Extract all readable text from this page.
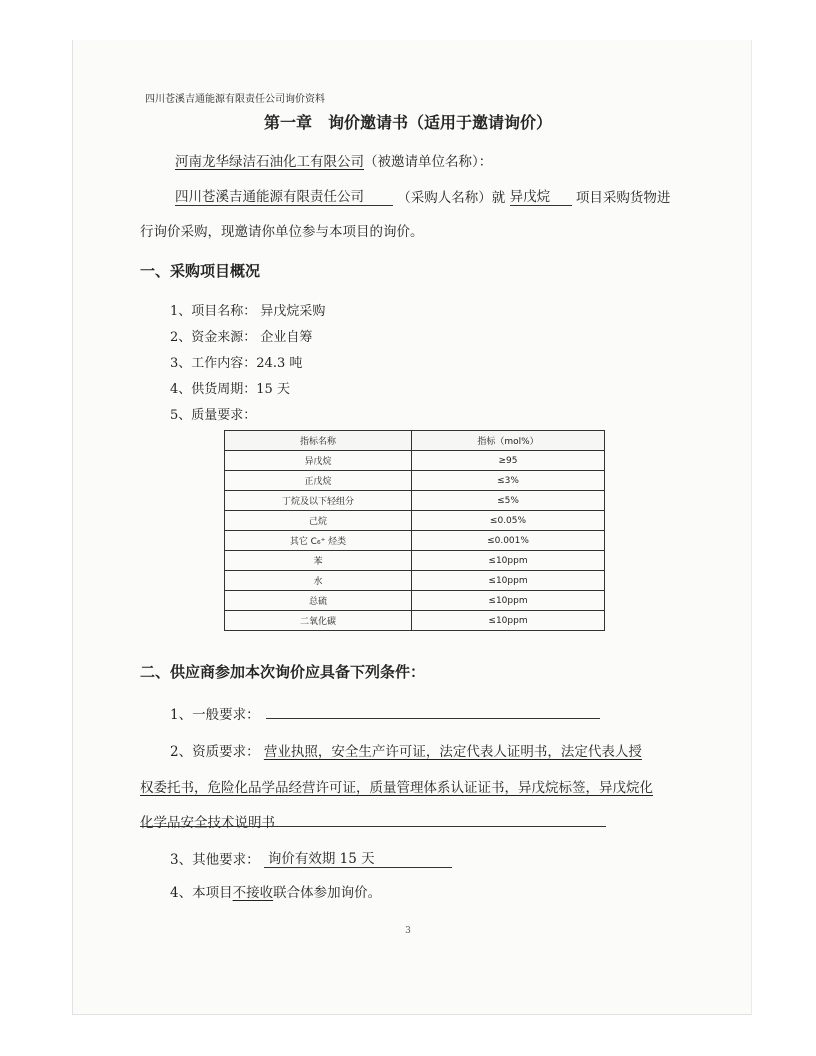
四川苍溪吉通能源有限责任公司询价资料
第一章　询价邀请书（适用于邀请询价）
河南龙华绿洁石油化工有限公司（被邀请单位名称）：
四川苍溪吉通能源有限责任公司 （采购人名称）就 异戊烷 项目采购货物进
行询价采购，现邀请你单位参与本项目的询价。
一、采购项目概况
1、项目名称： 异戊烷采购
2、资金来源： 企业自筹
3、工作内容：24.3 吨
4、供货周期：15 天
5、质量要求：
指标名称	指标（mol%）
异戊烷	≥95
正戊烷	≤3%
丁烷及以下轻组分	≤5%
己烷	≤0.05%
其它 C₆⁺ 烃类	≤0.001%
苯	≤10ppm
水	≤10ppm
总硫	≤10ppm
二氧化碳	≤10ppm
二、供应商参加本次询价应具备下列条件：
1、一般要求：
2、资质要求： 营业执照，安全生产许可证，法定代表人证明书，法定代表人授
权委托书，危险化品学品经营许可证，质量管理体系认证证书，异戊烷标签，异戊烷化
化学品安全技术说明书
3、其他要求： 询价有效期 15 天
4、本项目不接收联合体参加询价。
3
